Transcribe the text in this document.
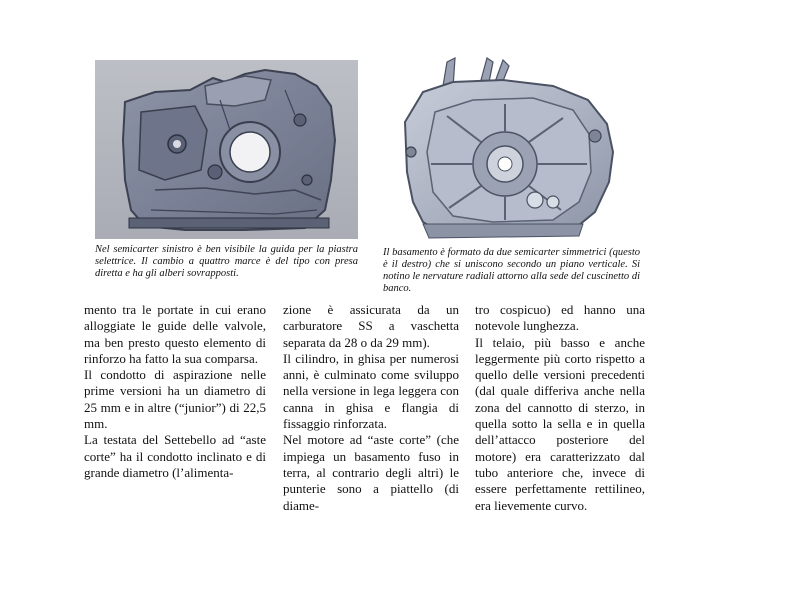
Nel semicarter sinistro è ben visibile la guida per la piastra selettrice. Il cambio a quattro marce è del tipo con presa diretta e ha gli alberi sovrapposti.
Il basamento è formato da due semicarter simmetrici (questo è il destro) che si uniscono secondo un piano verticale. Si notino le nervature radiali attorno alla sede del cuscinetto di banco.

mento tra le portate in cui erano alloggiate le guide delle valvole, ma ben presto questo elemento di rinforzo ha fatto la sua comparsa.

Il condotto di aspirazione nelle prime versioni ha un diametro di 25 mm e in altre (“junior”) di 22,5 mm.

La testata del Settebello ad “aste corte” ha il condotto inclinato e di grande diametro (l’alimenta-

zione è assicurata da un carburatore SS a vaschetta separata da 28 o da 29 mm).

Il cilindro, in ghisa per numerosi anni, è culminato come sviluppo nella versione in lega leggera con canna in ghisa e flangia di fissaggio rinforzata.

Nel motore ad “aste corte” (che impiega un basamento fuso in terra, al contrario degli altri) le punterie sono a piattello (di diame-

tro cospicuo) ed hanno una notevole lunghezza.

Il telaio, più basso e anche leggermente più corto rispetto a quello delle versioni precedenti (dal quale differiva anche nella zona del cannotto di sterzo, in quella sotto la sella e in quella dell’attacco posteriore del motore) era caratterizzato dal tubo anteriore che, invece di essere perfettamente rettilineo, era lievemente curvo.
